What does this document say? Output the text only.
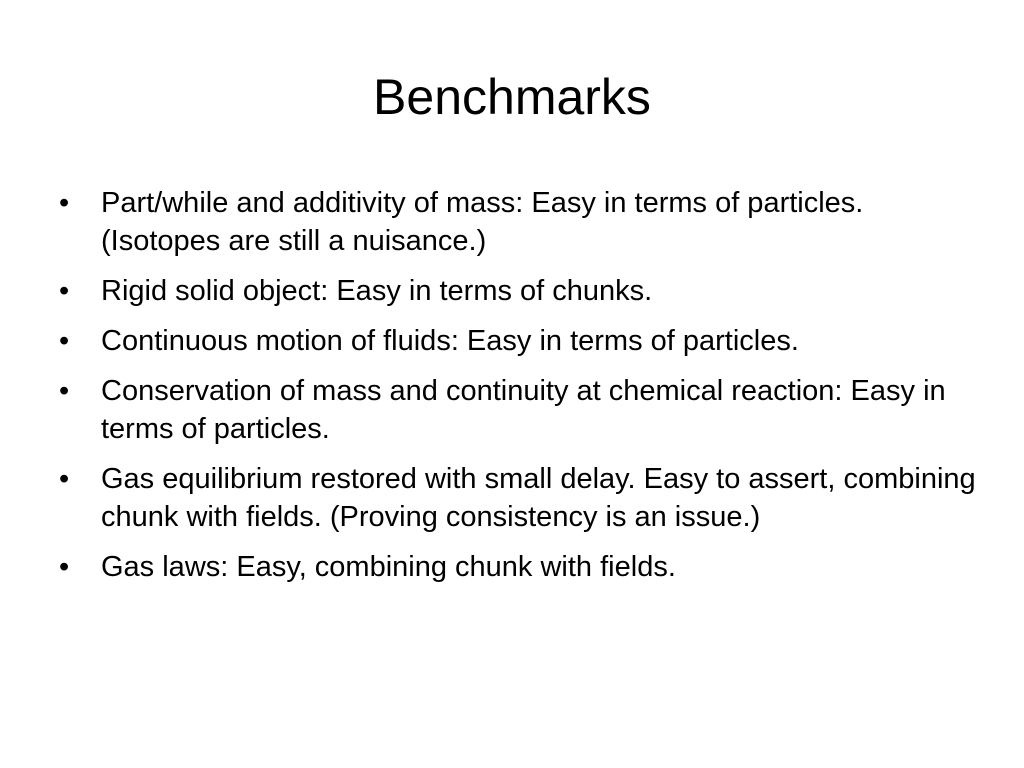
Benchmarks
• Part/while and additivity of mass: Easy in terms of particles. (Isotopes are still a nuisance.)
• Rigid solid object: Easy in terms of chunks.
• Continuous motion of fluids: Easy in terms of particles.
• Conservation of mass and continuity at chemical reaction: Easy in terms of particles.
• Gas equilibrium restored with small delay. Easy to assert, combining chunk with fields. (Proving consistency is an issue.)
• Gas laws: Easy, combining chunk with fields.
